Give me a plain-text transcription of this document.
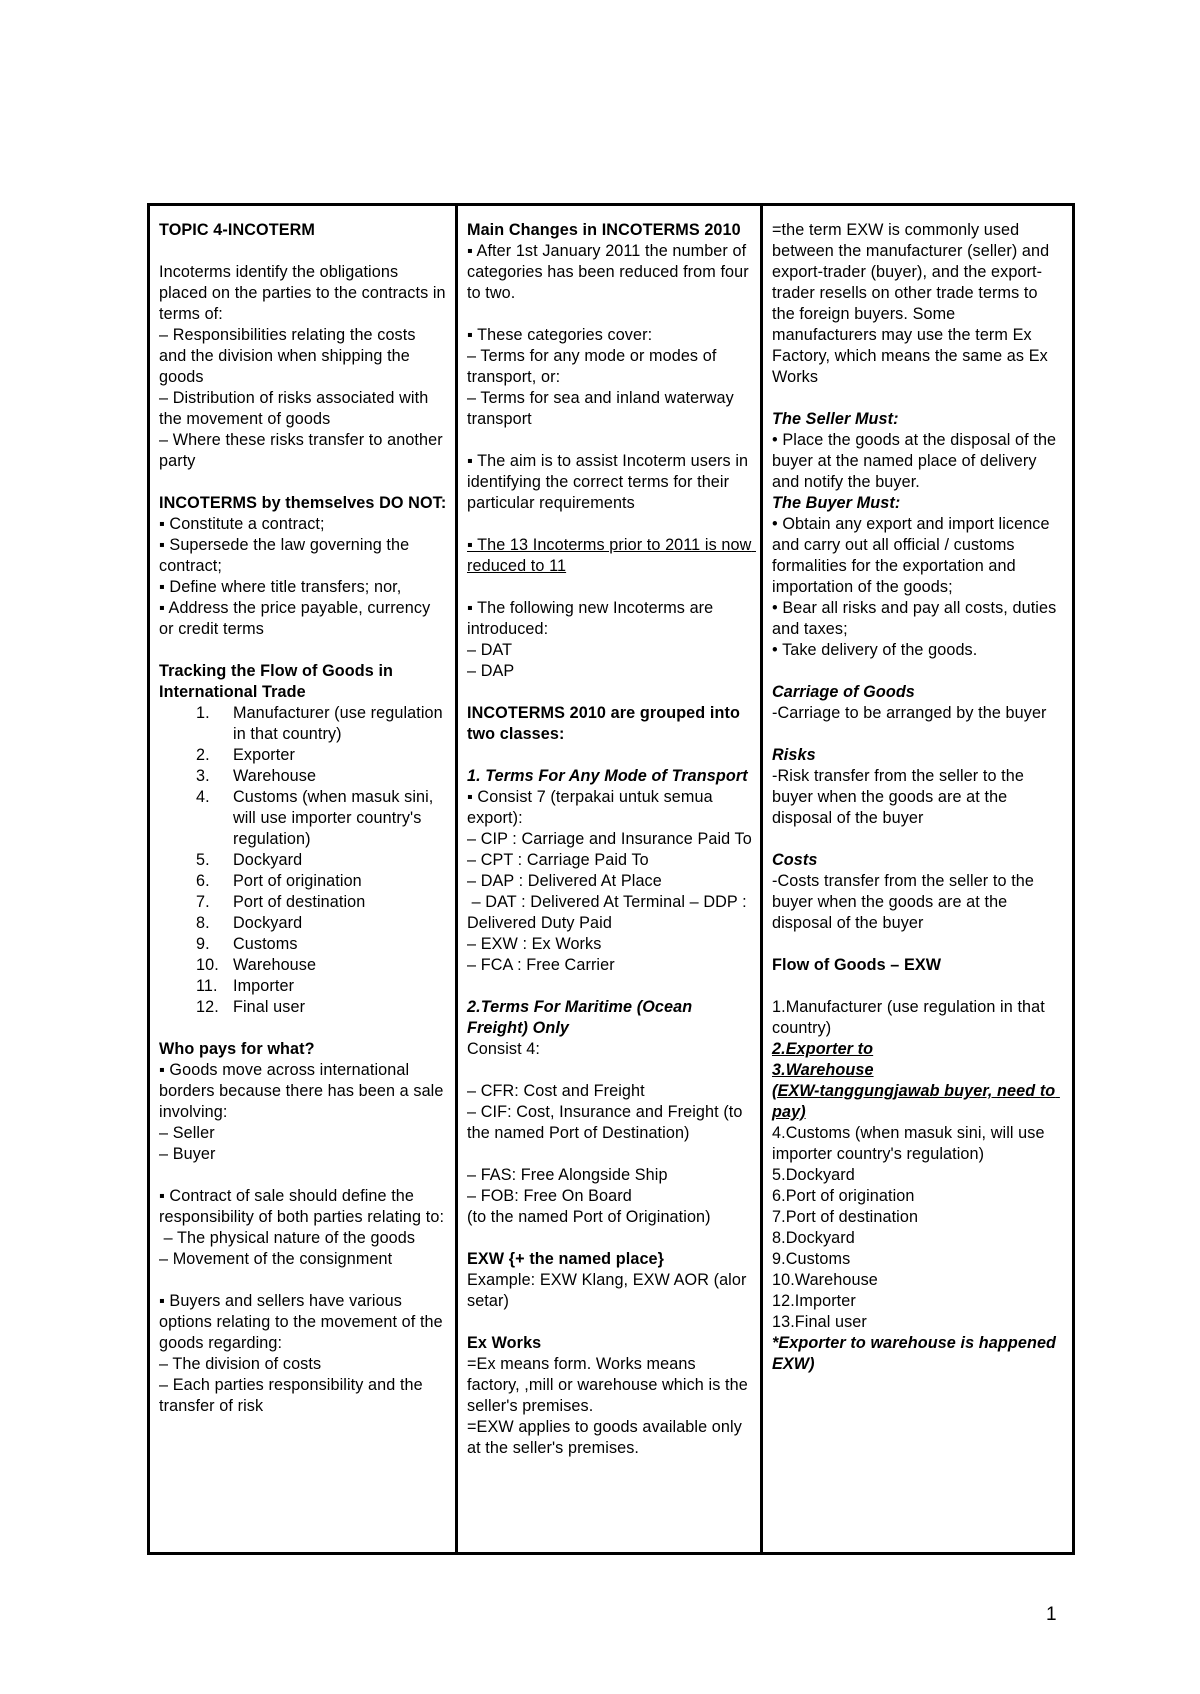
TOPIC 4-INCOTERM
Incoterms identify the obligations placed on the parties to the contracts in terms of:
– Responsibilities relating the costs and the division when shipping the goods
– Distribution of risks associated with the movement of goods
– Where these risks transfer to another party
INCOTERMS by themselves DO NOT:
▪ Constitute a contract;
▪ Supersede the law governing the contract;
▪ Define where title transfers; nor,
▪ Address the price payable, currency or credit terms
Tracking the Flow of Goods in International Trade
1.	Manufacturer (use regulation in that country)
2.	Exporter
3.	Warehouse
4.	Customs (when masuk sini, will use importer country's regulation)
5.	Dockyard
6.	Port of origination
7.	Port of destination
8.	Dockyard
9.	Customs
10. Warehouse
11. Importer
12. Final user
Who pays for what?
▪ Goods move across international borders because there has been a sale involving:
– Seller
– Buyer
▪ Contract of sale should define the responsibility of both parties relating to:
– The physical nature of the goods
– Movement of the consignment
▪ Buyers and sellers have various options relating to the movement of the goods regarding:
– The division of costs
– Each parties responsibility and the transfer of risk

Main Changes in INCOTERMS 2010
▪ After 1st January 2011 the number of categories has been reduced from four to two.
▪ These categories cover:
– Terms for any mode or modes of transport, or:
– Terms for sea and inland waterway transport
▪ The aim is to assist Incoterm users in identifying the correct terms for their particular requirements
▪ The 13 Incoterms prior to 2011 is now reduced to 11
▪ The following new Incoterms are introduced:
– DAT
– DAP
INCOTERMS 2010 are grouped into two classes:
1. Terms For Any Mode of Transport
▪ Consist 7 (terpakai untuk semua export):
– CIP : Carriage and Insurance Paid To
– CPT : Carriage Paid To
– DAP : Delivered At Place
– DAT : Delivered At Terminal – DDP : Delivered Duty Paid
– EXW : Ex Works
– FCA : Free Carrier
2.Terms For Maritime (Ocean Freight) Only
Consist 4:
– CFR: Cost and Freight
– CIF: Cost, Insurance and Freight (to the named Port of Destination)
– FAS: Free Alongside Ship
– FOB: Free On Board
(to the named Port of Origination)
EXW {+ the named place}
Example: EXW Klang, EXW AOR (alor setar)
Ex Works
=Ex means form. Works means factory, ,mill or warehouse which is the seller's premises.
=EXW applies to goods available only at the seller's premises.

=the term EXW is commonly used between the manufacturer (seller) and export-trader (buyer), and the export-trader resells on other trade terms to the foreign buyers. Some manufacturers may use the term Ex Factory, which means the same as Ex Works
The Seller Must:
• Place the goods at the disposal of the buyer at the named place of delivery and notify the buyer.
The Buyer Must:
• Obtain any export and import licence and carry out all official / customs formalities for the exportation and importation of the goods;
• Bear all risks and pay all costs, duties and taxes;
• Take delivery of the goods.
Carriage of Goods
-Carriage to be arranged by the buyer
Risks
-Risk transfer from the seller to the buyer when the goods are at the disposal of the buyer
Costs
-Costs transfer from the seller to the buyer when the goods are at the disposal of the buyer
Flow of Goods – EXW
1.Manufacturer (use regulation in that country)
2.Exporter to
3.Warehouse
(EXW-tanggungjawab buyer, need to pay)
4.Customs (when masuk sini, will use importer country's regulation)
5.Dockyard
6.Port of origination
7.Port of destination
8.Dockyard
9.Customs
10.Warehouse
12.Importer
13.Final user
*Exporter to warehouse is happened EXW)
1
